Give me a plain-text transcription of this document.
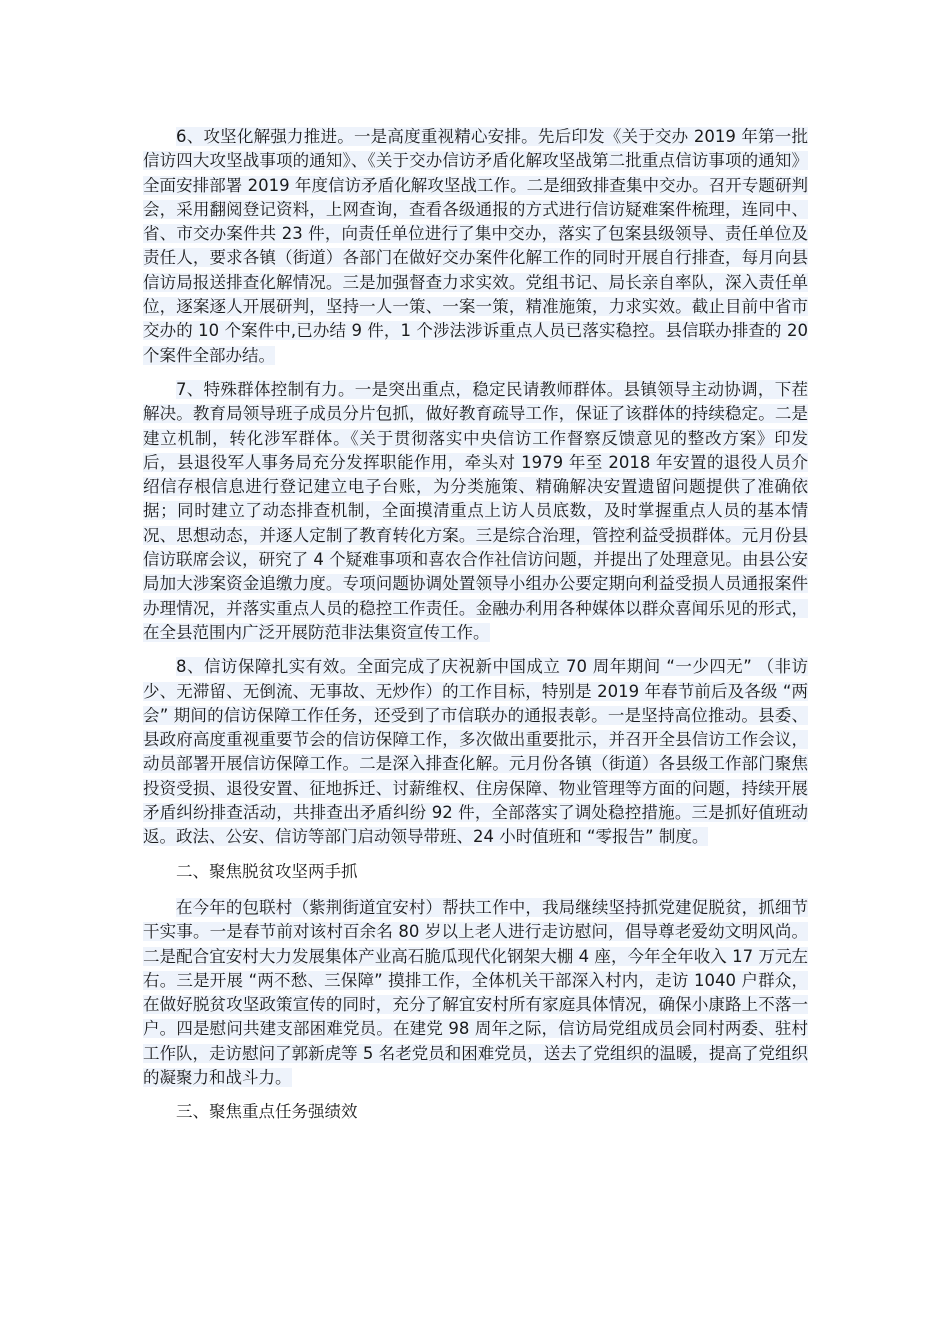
6、攻坚化解强力推进。一是高度重视精心安排。先后印发《关于交办 2019 年第一批信访四大攻坚战事项的通知》、《关于交办信访矛盾化解攻坚战第二批重点信访事项的通知》全面安排部署 2019 年度信访矛盾化解攻坚战工作。二是细致排查集中交办。召开专题研判会，采用翻阅登记资料，上网查询，查看各级通报的方式进行信访疑难案件梳理，连同中、省、市交办案件共 23 件，向责任单位进行了集中交办，落实了包案县级领导、责任单位及责任人，要求各镇（街道）各部门在做好交办案件化解工作的同时开展自行排查，每月向县信访局报送排查化解情况。三是加强督查力求实效。党组书记、局长亲自率队，深入责任单位，逐案逐人开展研判，坚持一人一策、一案一策，精准施策，力求实效。截止目前中省市交办的 10 个案件中,已办结 9 件，1 个涉法涉诉重点人员已落实稳控。县信联办排查的 20 个案件全部办结。

7、特殊群体控制有力。一是突出重点，稳定民请教师群体。县镇领导主动协调，下茬解决。教育局领导班子成员分片包抓，做好教育疏导工作，保证了该群体的持续稳定。二是建立机制，转化涉军群体。《关于贯彻落实中央信访工作督察反馈意见的整改方案》印发后，县退役军人事务局充分发挥职能作用，牵头对 1979 年至 2018 年安置的退役人员介绍信存根信息进行登记建立电子台账，为分类施策、精确解决安置遗留问题提供了准确依据；同时建立了动态排查机制，全面摸清重点上访人员底数，及时掌握重点人员的基本情况、思想动态，并逐人定制了教育转化方案。三是综合治理，管控利益受损群体。元月份县信访联席会议，研究了 4 个疑难事项和喜农合作社信访问题，并提出了处理意见。由县公安局加大涉案资金追缴力度。专项问题协调处置领导小组办公要定期向利益受损人员通报案件办理情况，并落实重点人员的稳控工作责任。金融办利用各种媒体以群众喜闻乐见的形式，在全县范围内广泛开展防范非法集资宣传工作。

8、信访保障扎实有效。全面完成了庆祝新中国成立 70 周年期间 “一少四无” （非访少、无滞留、无倒流、无事故、无炒作）的工作目标，特别是 2019 年春节前后及各级 “两会” 期间的信访保障工作任务，还受到了市信联办的通报表彰。一是坚持高位推动。县委、县政府高度重视重要节会的信访保障工作，多次做出重要批示，并召开全县信访工作会议，动员部署开展信访保障工作。二是深入排查化解。元月份各镇（街道）各县级工作部门聚焦投资受损、退役安置、征地拆迁、讨薪维权、住房保障、物业管理等方面的问题，持续开展矛盾纠纷排查活动，共排查出矛盾纠纷 92 件，全部落实了调处稳控措施。三是抓好值班动返。政法、公安、信访等部门启动领导带班、24 小时值班和 “零报告” 制度。

二、聚焦脱贫攻坚两手抓

在今年的包联村（紫荆街道宜安村）帮扶工作中，我局继续坚持抓党建促脱贫，抓细节干实事。一是春节前对该村百余名 80 岁以上老人进行走访慰问，倡导尊老爱幼文明风尚。二是配合宜安村大力发展集体产业高石脆瓜现代化钢架大棚 4 座，今年全年收入 17 万元左右。三是开展 “两不愁、三保障” 摸排工作，全体机关干部深入村内，走访 1040 户群众，在做好脱贫攻坚政策宣传的同时，充分了解宜安村所有家庭具体情况，确保小康路上不落一户。四是慰问共建支部困难党员。在建党 98 周年之际，信访局党组成员会同村两委、驻村工作队，走访慰问了郭新虎等 5 名老党员和困难党员，送去了党组织的温暖，提高了党组织的凝聚力和战斗力。

三、聚焦重点任务强绩效
